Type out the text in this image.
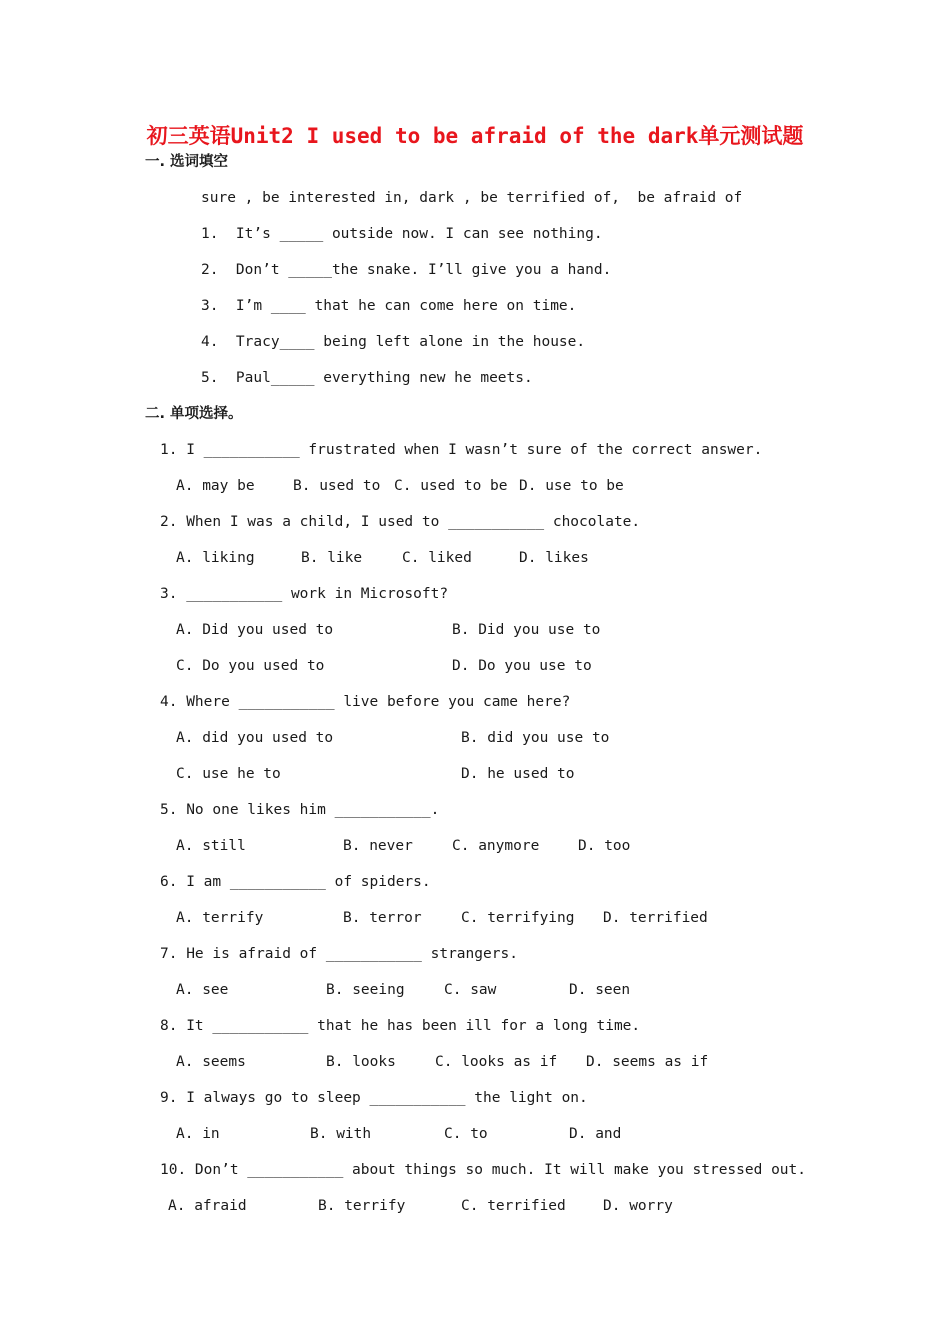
初三英语Unit2 I used to be afraid of the dark单元测试题
一. 选词填空
sure , be interested in, dark , be terrified of,  be afraid of
1.  It’s _____ outside now. I can see nothing.
2.  Don’t _____the snake. I’ll give you a hand.
3.  I’m ____ that he can come here on time.
4.  Tracy____ being left alone in the house.
5.  Paul_____ everything new he meets.
二. 单项选择。
1. I ___________ frustrated when I wasn’t sure of the correct answer.
A. may be	B. used to C. used to be D. use to be
2. When I was a child, I used to ___________ chocolate.
A. liking	B. like	C. liked	D. likes
3. ___________ work in Microsoft?
A. Did you used to	B. Did you use to
C. Do you used to	D. Do you use to
4. Where ___________ live before you came here?
A. did you used to	B. did you use to
C. use he to	D. he used to
5. No one likes him ___________.
A. still	B. never	C. anymore	D. too
6. I am ___________ of spiders.
A. terrify	B. terror	C. terrifying D. terrified
7. He is afraid of ___________ strangers.
A. see	B. seeing	C. saw	D. seen
8. It ___________ that he has been ill for a long time.
A. seems	B. looks	C. looks as if D. seems as if
9. I always go to sleep ___________ the light on.
A. in	B. with	C. to	D. and
10. Don’t ___________ about things so much. It will make you stressed out.
A. afraid	B. terrify	C. terrified	D. worry
